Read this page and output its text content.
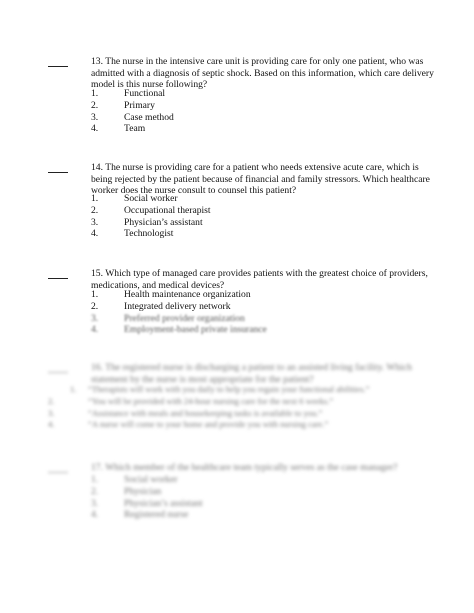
13. The nurse in the intensive care unit is providing care for only one patient, who was admitted with a diagnosis of septic shock. Based on this information, which care delivery model is this nurse following?
1.	Functional
2.	Primary
3.	Case method
4.	Team
14. The nurse is providing care for a patient who needs extensive acute care, which is being rejected by the patient because of financial and family stressors. Which healthcare worker does the nurse consult to counsel this patient?
1.	Social worker
2.	Occupational therapist
3.	Physician’s assistant
4.	Technologist
15. Which type of managed care provides patients with the greatest choice of providers, medications, and medical devices?
1.	Health maintenance organization
2.	Integrated delivery network
3.	Preferred provider organization
4.	Employment-based private insurance
16. The registered nurse is discharging a patient to an assisted living facility. Which statement by the nurse is most appropriate for the patient?
1.	“Therapists will work with you daily to help you regain your functional abilities.”
2.	“You will be provided with 24-hour nursing care for the next 6 weeks.”
3.	“Assistance with meals and housekeeping tasks is available to you.”
4.	“A nurse will come to your home and provide you with nursing care.”
17. Which member of the healthcare team typically serves as the case manager?
1.	Social worker
2.	Physician
3.	Physician’s assistant
4.	Registered nurse
